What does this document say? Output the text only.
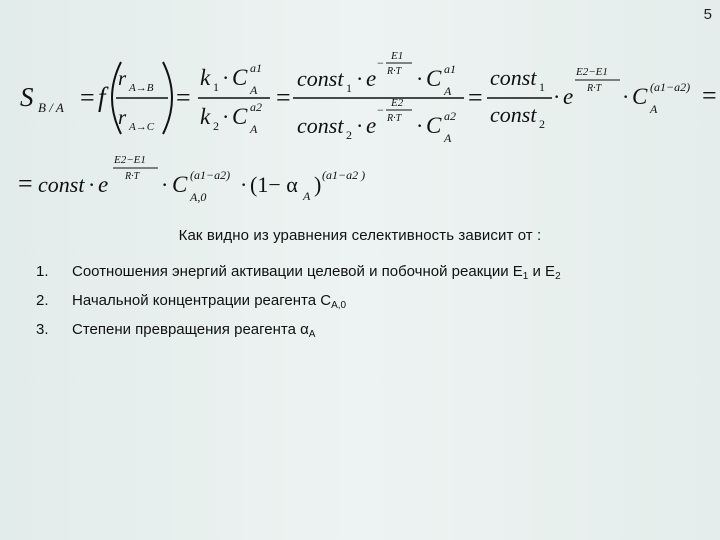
5
S B / A = f
r A→B
r A→C
=
k 1 · C a1
A
k 2 · C a2
A
=
const 1 · e
− E1
R·T · C a1
A
const 2 · e
− E2
R·T · C a2
A
=
const 1
const 2
· e
E2−E1
R·T · C (a1−a2)
A =
= const · e
E2−E1
R·T · C (a1−a2)
A,0 · (1− α A ) (a1−a2 )
Как видно из уравнения селективность зависит от :
1. Соотношения энергий активации целевой и побочной реакции $Е_1$ и $Е_2$
2. Начальной концентрации реагента $С_{А,0}$
3. Степени превращения реагента $\alpha_A$
